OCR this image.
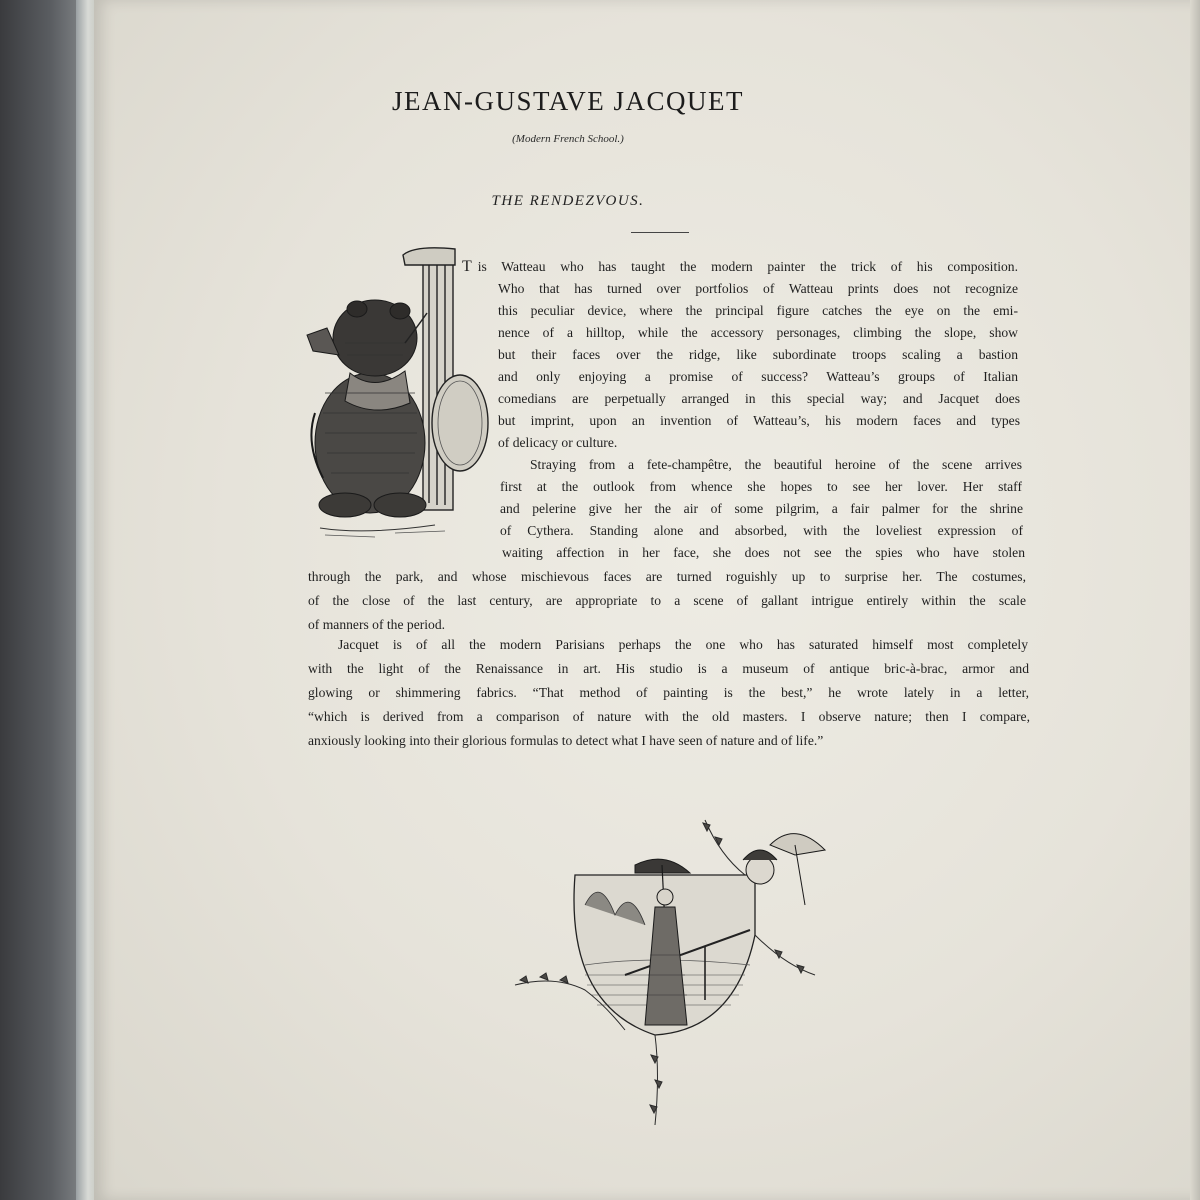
JEAN-GUSTAVE JACQUET

(Modern French School.)

THE RENDEZVOUS.
T is Watteau who has taught the modern painter the trick of his composition.
Who that has turned over portfolios of Watteau prints does not recognize
this peculiar device, where the principal figure catches the eye on the emi-
nence of a hilltop, while the accessory personages, climbing the slope, show
but their faces over the ridge, like subordinate troops scaling a bastion
and only enjoying a promise of success? Watteau’s groups of Italian
comedians are perpetually arranged in this special way; and Jacquet does
but imprint, upon an invention of Watteau’s, his modern faces and types
of delicacy or culture.
Straying from a fete-champêtre, the beautiful heroine of the scene arrives
first at the outlook from whence she hopes to see her lover. Her staff
and pelerine give her the air of some pilgrim, a fair palmer for the shrine
of Cythera. Standing alone and absorbed, with the loveliest expression of
waiting affection in her face, she does not see the spies who have stolen
through the park, and whose mischievous faces are turned roguishly up to surprise her. The costumes,
of the close of the last century, are appropriate to a scene of gallant intrigue entirely within the scale
of manners of the period.
Jacquet is of all the modern Parisians perhaps the one who has saturated himself most completely
with the light of the Renaissance in art. His studio is a museum of antique bric-à-brac, armor and
glowing or shimmering fabrics. “That method of painting is the best,” he wrote lately in a letter,
“which is derived from a comparison of nature with the old masters. I observe nature; then I compare,
anxiously looking into their glorious formulas to detect what I have seen of nature and of life.”
